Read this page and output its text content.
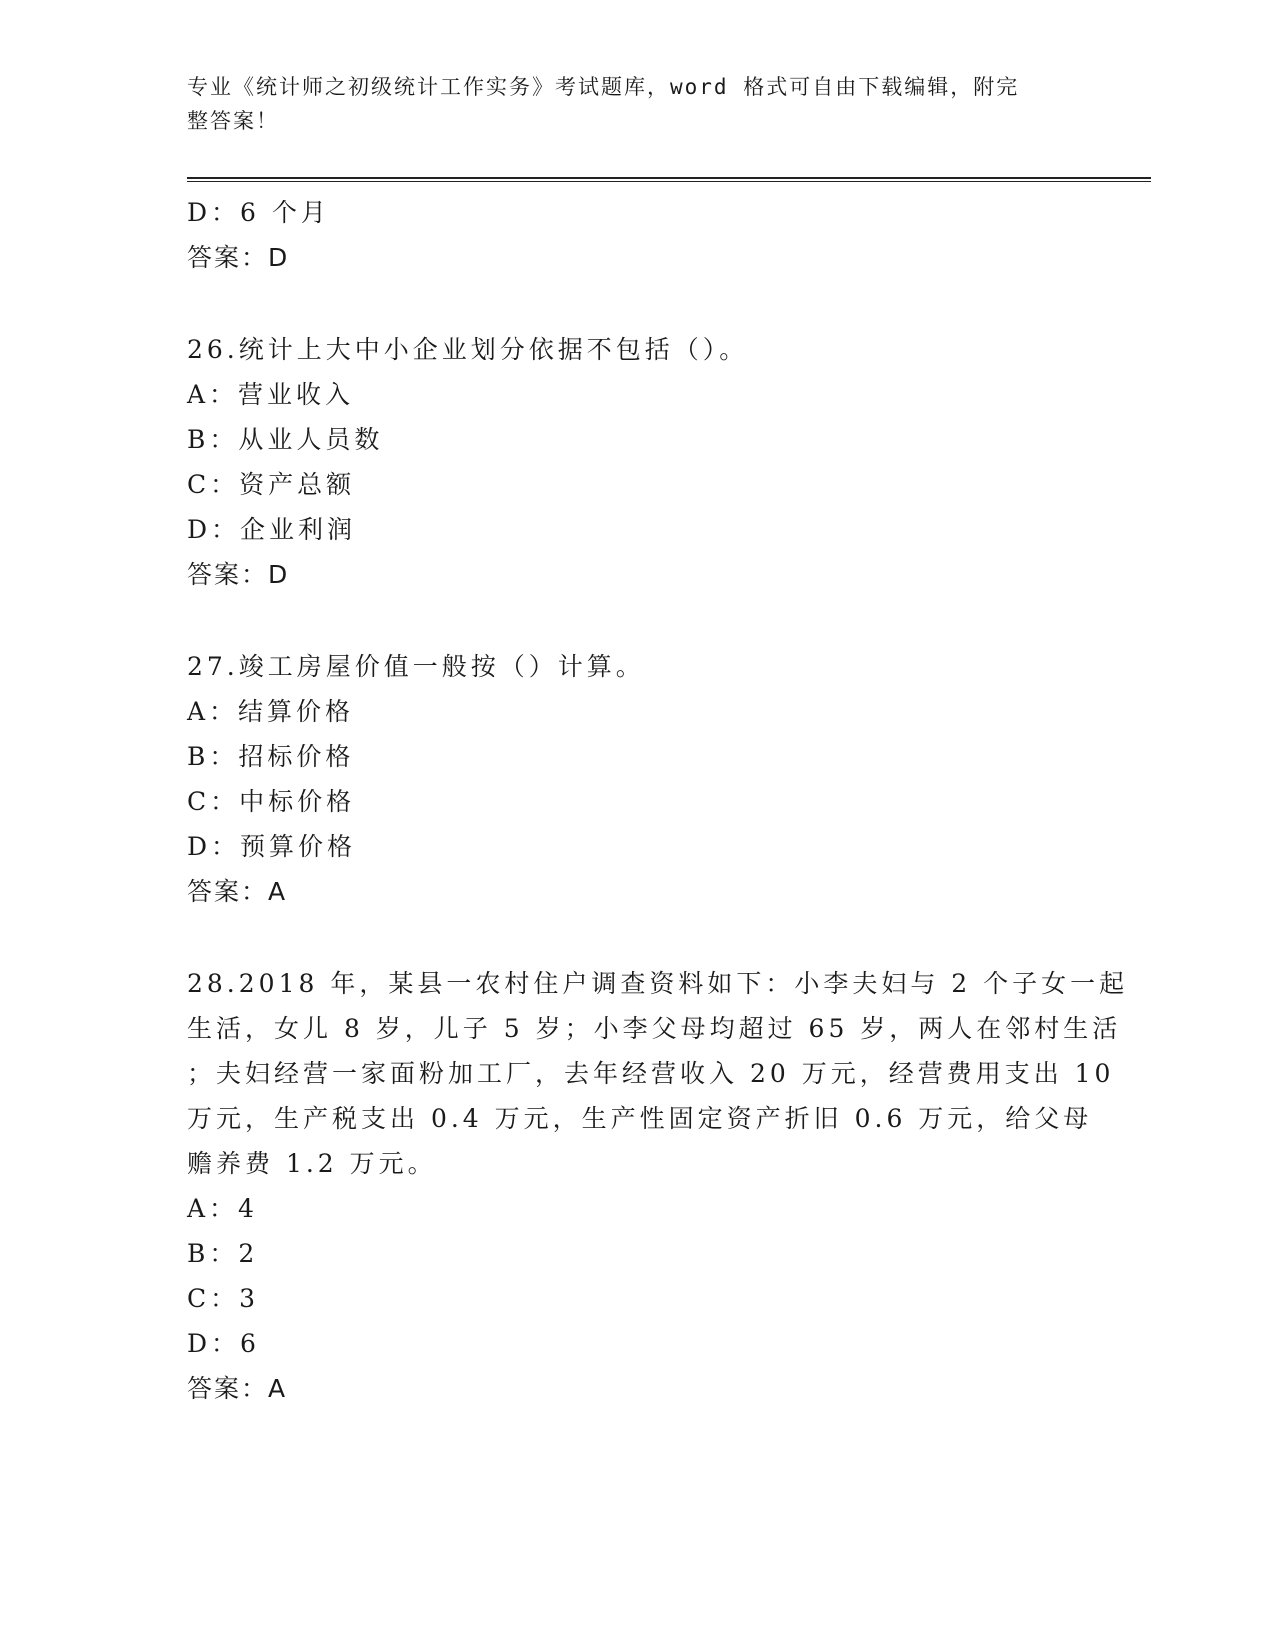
专业《统计师之初级统计工作实务》考试题库，word 格式可自由下载编辑，附完
整答案！
D：6 个月
答案：D
26.统计上大中小企业划分依据不包括（）。
A：营业收入
B：从业人员数
C：资产总额
D：企业利润
答案：D
27.竣工房屋价值一般按（）计算。
A：结算价格
B：招标价格
C：中标价格
D：预算价格
答案：A
28.2018 年，某县一农村住户调查资料如下：小李夫妇与 2 个子女一起
生活，女儿 8 岁，儿子 5 岁；小李父母均超过 65 岁，两人在邻村生活
；夫妇经营一家面粉加工厂，去年经营收入 20 万元，经营费用支出 10
万元，生产税支出 0.4 万元，生产性固定资产折旧 0.6 万元，给父母
赡养费 1.2 万元。
A：4
B：2
C：3
D：6
答案：A
